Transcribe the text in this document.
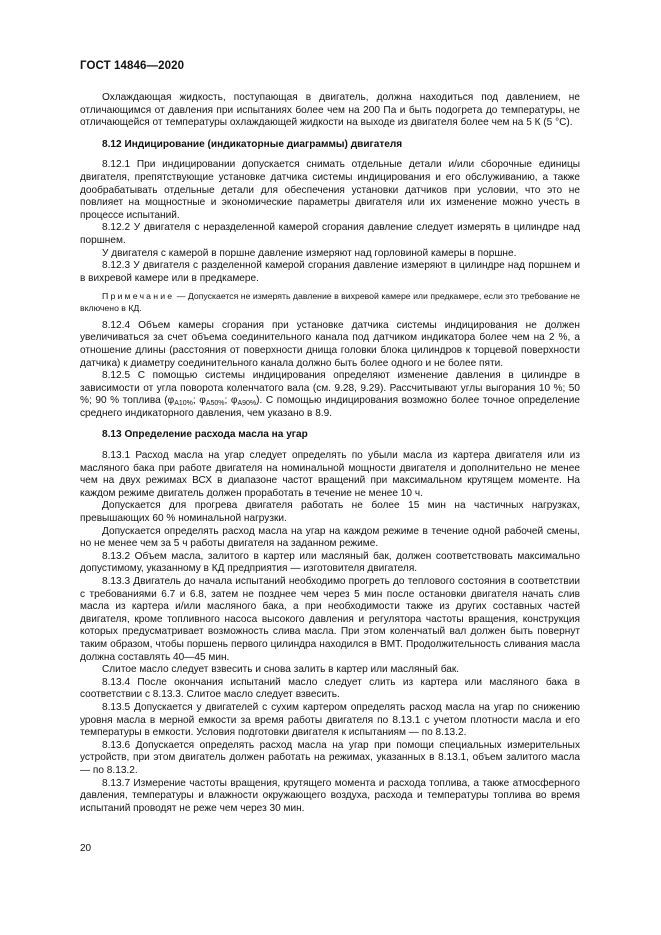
ГОСТ 14846—2020

Охлаждающая жидкость, поступающая в двигатель, должна находиться под давлением, не отличающимся от давления при испытаниях более чем на 200 Па и быть подогрета до температуры, не отличающейся от температуры охлаждающей жидкости на выходе из двигателя более чем на 5 К (5 °С).

8.12 Индицирование (индикаторные диаграммы) двигателя

8.12.1 При индицировании допускается снимать отдельные детали и/или сборочные единицы двигателя, препятствующие установке датчика системы индицирования и его обслуживанию, а также дообрабатывать отдельные детали для обеспечения установки датчиков при условии, что это не повлияет на мощностные и экономические параметры двигателя или их изменение можно учесть в процессе испытаний.

8.12.2 У двигателя с неразделенной камерой сгорания давление следует измерять в цилиндре над поршнем.

У двигателя с камерой в поршне давление измеряют над горловиной камеры в поршне.

8.12.3 У двигателя с разделенной камерой сгорания давление измеряют в цилиндре над поршнем и в вихревой камере или в предкамере.

Примечание — Допускается не измерять давление в вихревой камере или предкамере, если это требование не включено в КД.

8.12.4 Объем камеры сгорания при установке датчика системы индицирования не должен увеличиваться за счет объема соединительного канала под датчиком индикатора более чем на 2 %, а отношение длины (расстояния от поверхности днища головки блока цилиндров к торцевой поверхности датчика) к диаметру соединительного канала должно быть более одного и не более пяти.

8.12.5 С помощью системы индицирования определяют изменение давления в цилиндре в зависимости от угла поворота коленчатого вала (см. 9.28, 9.29). Рассчитывают углы выгорания 10 %; 50 %; 90 % топлива ($\varphi_{A10\%}$; $\varphi_{A50\%}$; $\varphi_{A90\%}$). С помощью индицирования возможно более точное определение среднего индикаторного давления, чем указано в 8.9.

8.13 Определение расхода масла на угар

8.13.1 Расход масла на угар следует определять по убыли масла из картера двигателя или из масляного бака при работе двигателя на номинальной мощности двигателя и дополнительно не менее чем на двух режимах ВСХ в диапазоне частот вращений при максимальном крутящем моменте. На каждом режиме двигатель должен проработать в течение не менее 10 ч.

Допускается для прогрева двигателя работать не более 15 мин на частичных нагрузках, превышающих 60 % номинальной нагрузки.

Допускается определять расход масла на угар на каждом режиме в течение одной рабочей смены, но не менее чем за 5 ч работы двигателя на заданном режиме.

8.13.2 Объем масла, залитого в картер или масляный бак, должен соответствовать максимально допустимому, указанному в КД предприятия — изготовителя двигателя.

8.13.3 Двигатель до начала испытаний необходимо прогреть до теплового состояния в соответствии с требованиями 6.7 и 6.8, затем не позднее чем через 5 мин после остановки двигателя начать слив масла из картера и/или масляного бака, а при необходимости также из других составных частей двигателя, кроме топливного насоса высокого давления и регулятора частоты вращения, конструкция которых предусматривает возможность слива масла. При этом коленчатый вал должен быть повернут таким образом, чтобы поршень первого цилиндра находился в ВМТ. Продолжительность сливания масла должна составлять 40—45 мин.

Слитое масло следует взвесить и снова залить в картер или масляный бак.

8.13.4 После окончания испытаний масло следует слить из картера или масляного бака в соответствии с 8.13.3. Слитое масло следует взвесить.

8.13.5 Допускается у двигателей с сухим картером определять расход масла на угар по снижению уровня масла в мерной емкости за время работы двигателя по 8.13.1 с учетом плотности масла и его температуры в емкости. Условия подготовки двигателя к испытаниям — по 8.13.2.

8.13.6 Допускается определять расход масла на угар при помощи специальных измерительных устройств, при этом двигатель должен работать на режимах, указанных в 8.13.1, объем залитого масла — по 8.13.2.

8.13.7 Измерение частоты вращения, крутящего момента и расхода топлива, а также атмосферного давления, температуры и влажности окружающего воздуха, расхода и температуры топлива во время испытаний проводят не реже чем через 30 мин.

20
